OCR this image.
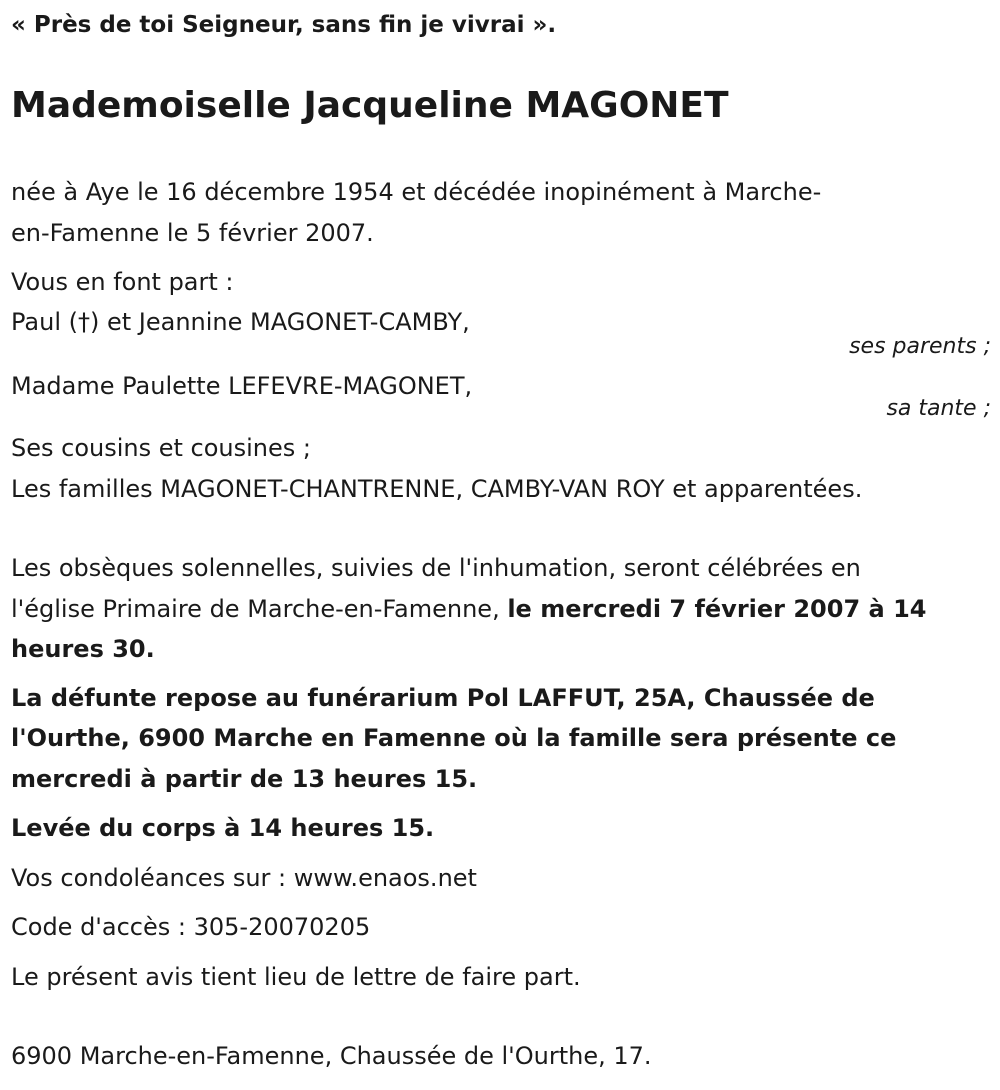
« Près de toi Seigneur, sans fin je vivrai ».
Mademoiselle Jacqueline MAGONET
née à Aye le 16 décembre 1954 et décédée inopinément à Marche-
en-Famenne le 5 février 2007.
Vous en font part :
Paul (†) et Jeannine MAGONET-CAMBY,
ses parents ;
Madame Paulette LEFEVRE-MAGONET,
sa tante ;
Ses cousins et cousines ;
Les familles MAGONET-CHANTRENNE, CAMBY-VAN ROY et apparentées.
Les obsèques solennelles, suivies de l'inhumation, seront célébrées en
l'église Primaire de Marche-en-Famenne, le mercredi 7 février 2007 à 14
heures 30.
La défunte repose au funérarium Pol LAFFUT, 25A, Chaussée de
l'Ourthe, 6900 Marche en Famenne où la famille sera présente ce
mercredi à partir de 13 heures 15.
Levée du corps à 14 heures 15.
Vos condoléances sur : www.enaos.net
Code d'accès : 305-20070205
Le présent avis tient lieu de lettre de faire part.
6900 Marche-en-Famenne, Chaussée de l'Ourthe, 17.
